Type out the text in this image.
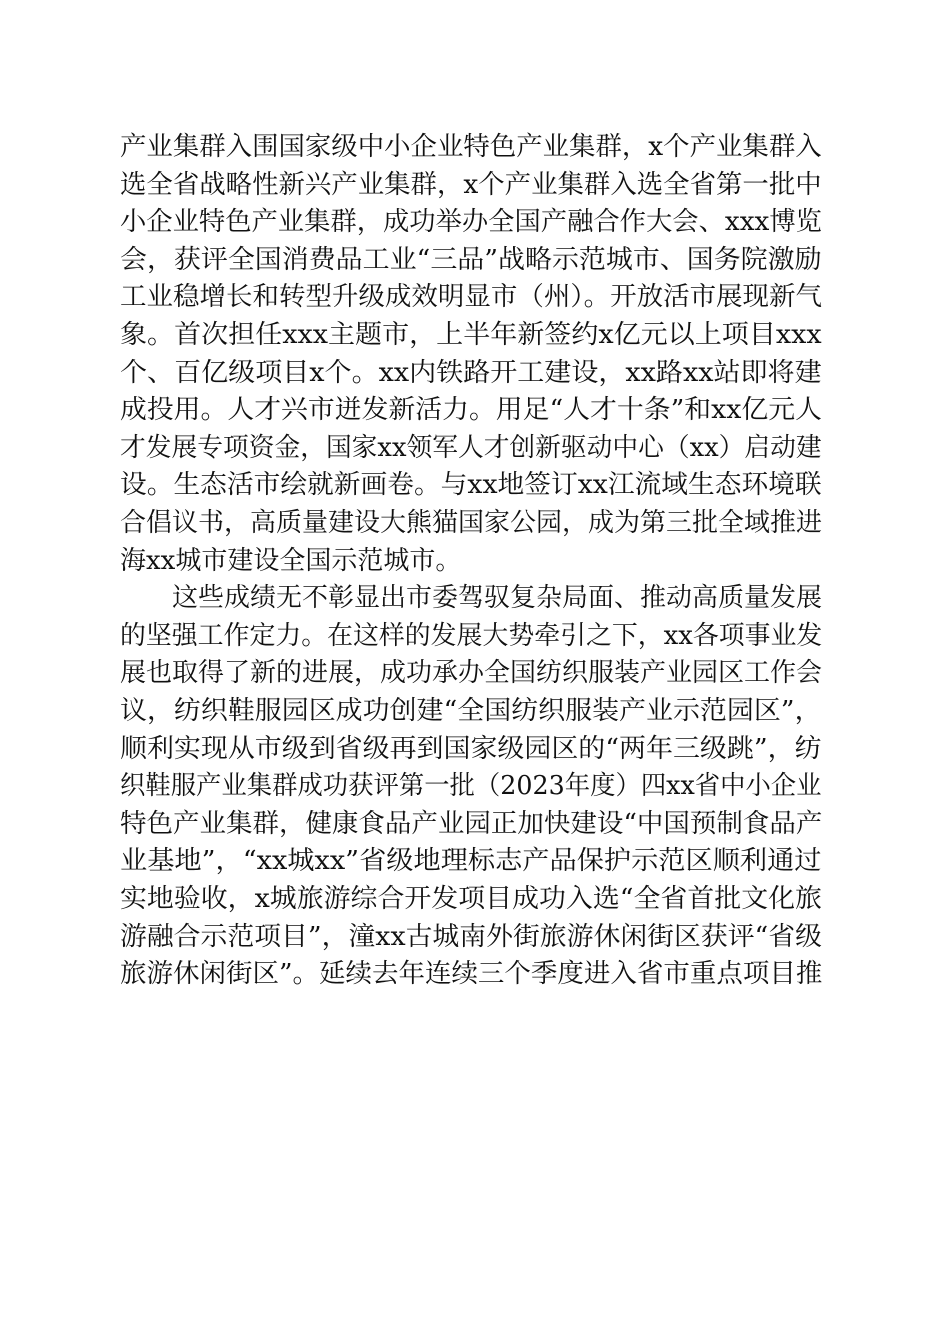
产业集群入围国家级中小企业特色产业集群，x个产业集群入
选全省战略性新兴产业集群，x个产业集群入选全省第一批中
小企业特色产业集群，成功举办全国产融合作大会、xxx博览
会，获评全国消费品工业“三品”战略示范城市、国务院激励
工业稳增长和转型升级成效明显市（州）。开放活市展现新气
象。首次担任xxx主题市，上半年新签约x亿元以上项目xxx
个、百亿级项目x个。xx内铁路开工建设，xx路xx站即将建
成投用。人才兴市迸发新活力。用足“人才十条”和xx亿元人
才发展专项资金，国家xx领军人才创新驱动中心（xx）启动建
设。生态活市绘就新画卷。与xx地签订xx江流域生态环境联
合倡议书，高质量建设大熊猫国家公园，成为第三批全域推进
海xx城市建设全国示范城市。
这些成绩无不彰显出市委驾驭复杂局面、推动高质量发展
的坚强工作定力。在这样的发展大势牵引之下，xx各项事业发
展也取得了新的进展，成功承办全国纺织服装产业园区工作会
议，纺织鞋服园区成功创建“全国纺织服装产业示范园区”，
顺利实现从市级到省级再到国家级园区的“两年三级跳”，纺
织鞋服产业集群成功获评第一批（2023年度）四xx省中小企业
特色产业集群，健康食品产业园正加快建设“中国预制食品产
业基地”，“xx城xx”省级地理标志产品保护示范区顺利通过
实地验收，x城旅游综合开发项目成功入选“全省首批文化旅
游融合示范项目”，潼xx古城南外街旅游休闲街区获评“省级
旅游休闲街区”。延续去年连续三个季度进入省市重点项目推
